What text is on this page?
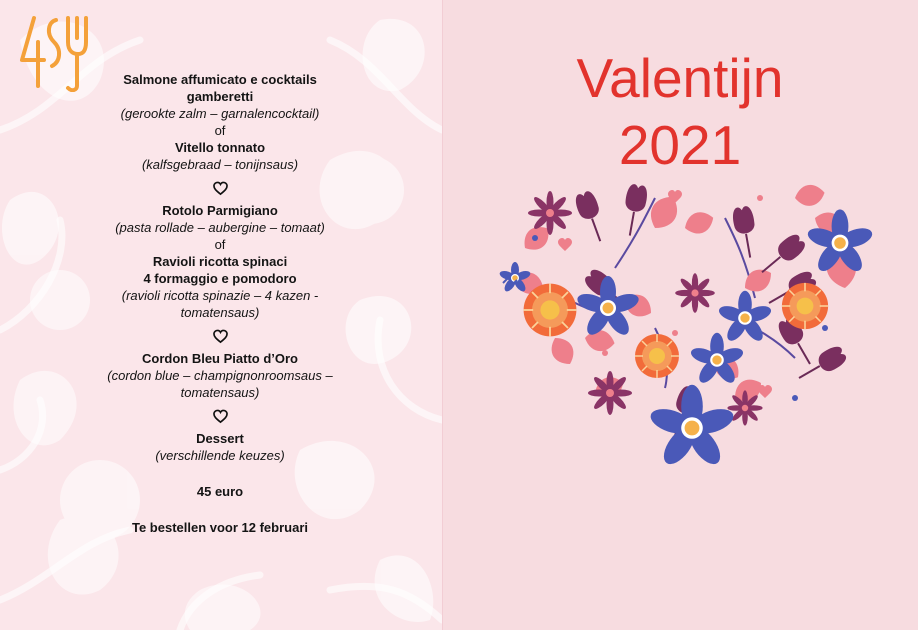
Salmone affumicato e cocktails
gamberetti
(gerookte zalm – garnalencocktail)
of
Vitello tonnato
(kalfsgebraad – tonijnsaus)
Rotolo Parmigiano
(pasta rollade – aubergine – tomaat)
of
Ravioli ricotta spinaci
4 formaggio e pomodoro
(ravioli ricotta spinazie – 4 kazen -
tomatensaus)
Cordon Bleu Piatto d’Oro
(cordon blue – champignonroomsaus –
tomatensaus)
Dessert
(verschillende keuzes)
45 euro
Te bestellen voor 12 februari
Valentijn
2021
